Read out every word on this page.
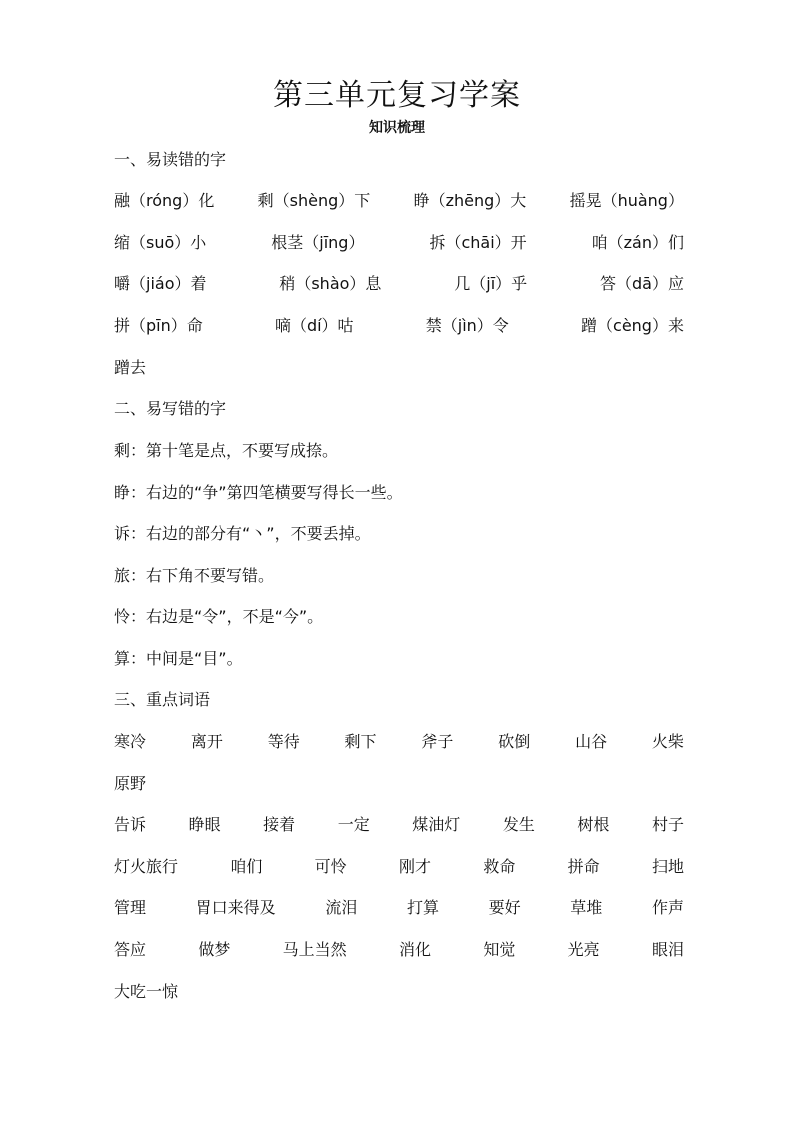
第三单元复习学案
知识梳理
一、易读错的字
融（róng）化	剩（shèng）下	睁（zhēng）大	摇晃（huàng）
缩（suō）小	根茎（jīng）	拆（chāi）开	咱（zán）们
嚼（jiáo）着	稍（shào）息	几（jī）乎	答（dā）应
拼（pīn）命	嘀（dí）咕	禁（jìn）令	蹭（cèng）来
蹭去
二、易写错的字
剩：第十笔是点，不要写成捺。
睁：右边的“争”第四笔横要写得长一些。
诉：右边的部分有“丶”，不要丢掉。
旅：右下角不要写错。
怜：右边是“令”，不是“今”。
算：中间是“目”。
三、重点词语
寒冷	离开	等待	剩下	斧子	砍倒	山谷	火柴
原野
告诉	睁眼	接着	一定	煤油灯	发生	树根	村子
灯火旅行	咱们	可怜	刚才	救命	拼命	扫地
管理	胃口来得及	流泪	打算	要好	草堆	作声
答应	做梦	马上当然	消化	知觉	光亮	眼泪
大吃一惊
